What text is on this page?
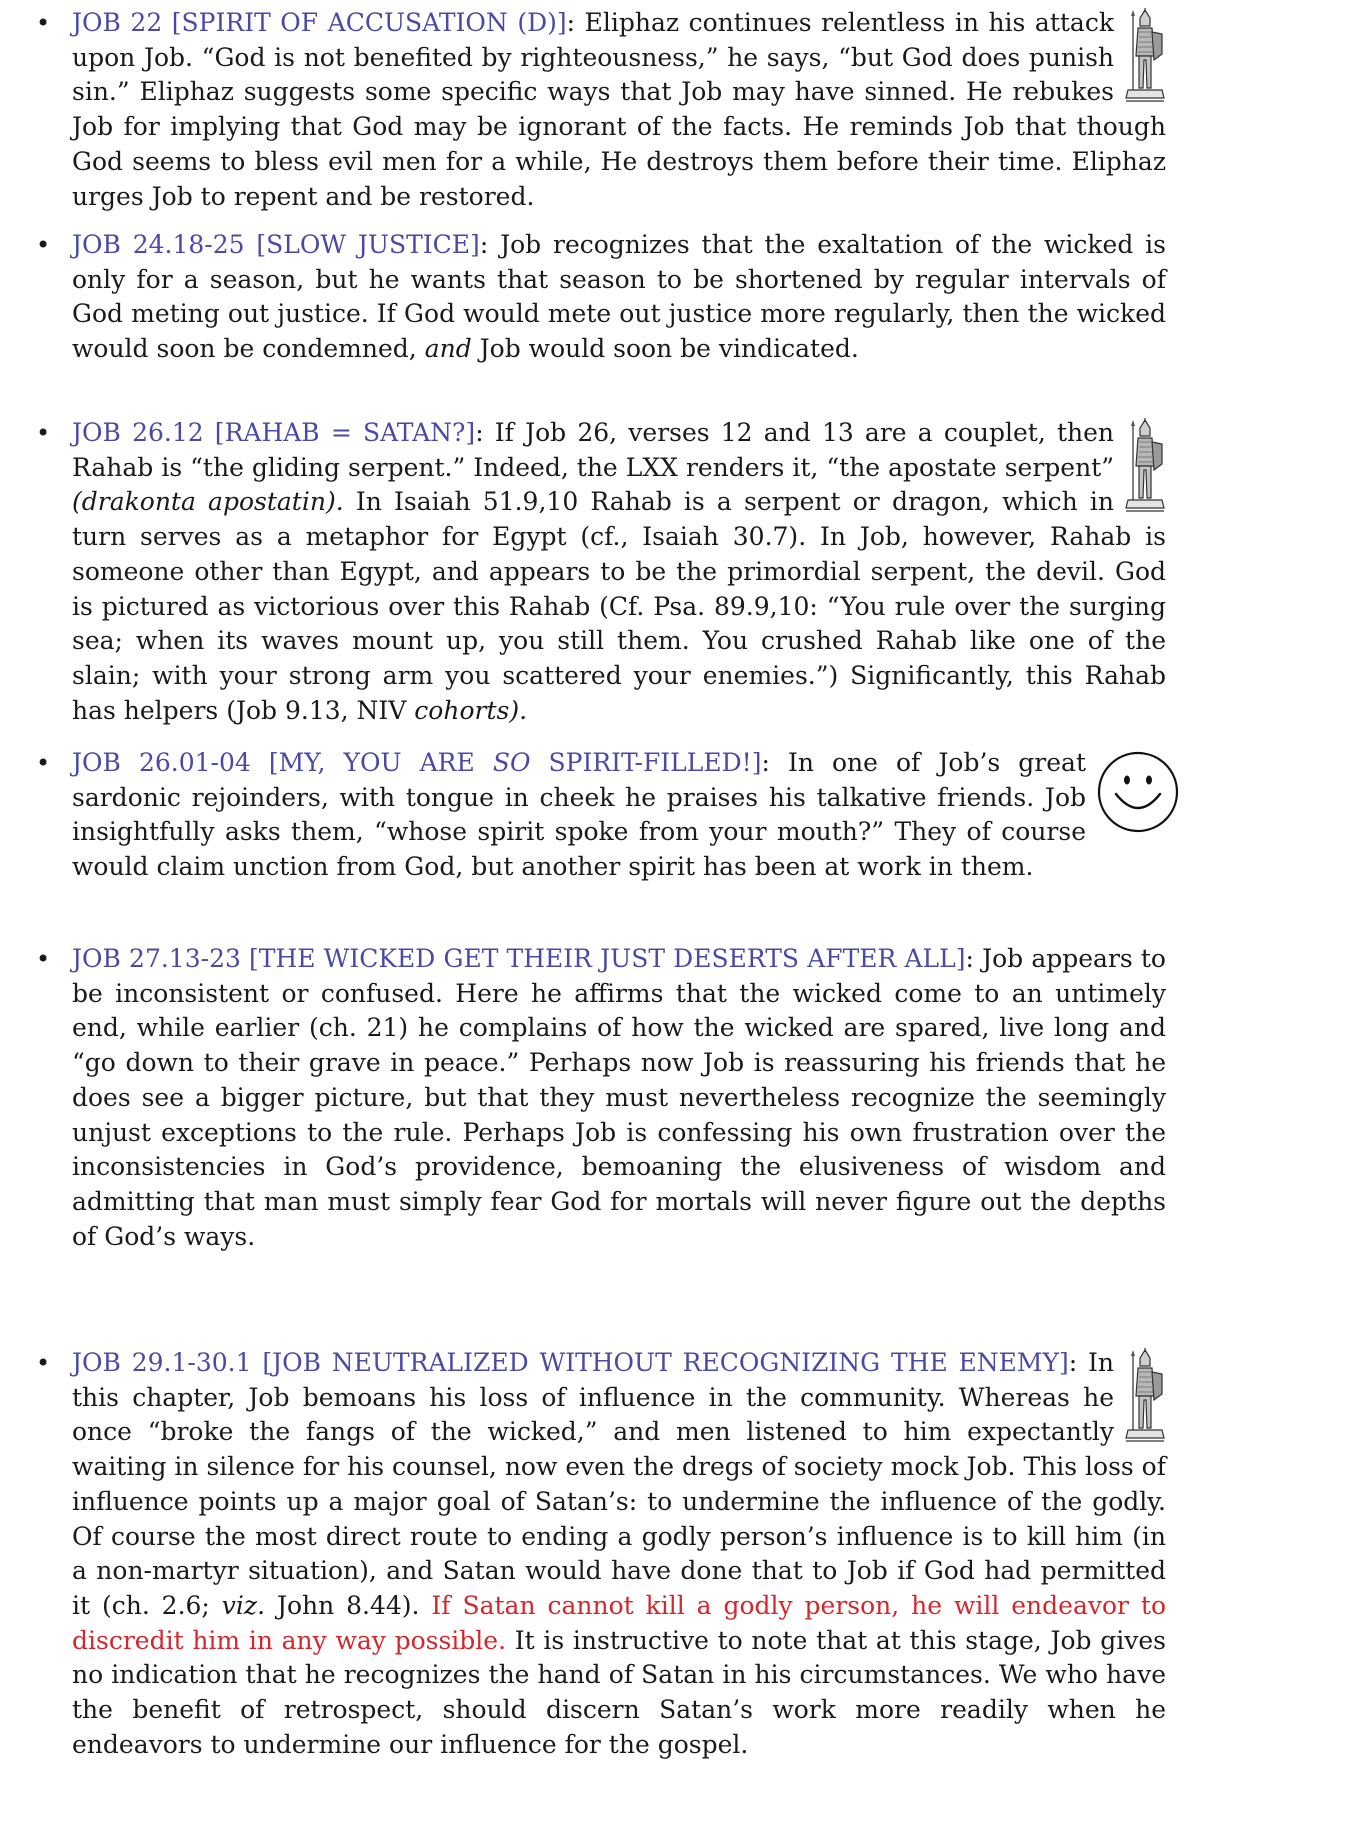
• JOB 22 [SPIRIT OF ACCUSATION (D)]: Eliphaz continues relentless in his attack upon Job. “God is not benefited by righteousness,” he says, “but God does punish sin.” Eliphaz suggests some specific ways that Job may have sinned. He rebukes Job for implying that God may be ignorant of the facts. He reminds Job that though God seems to bless evil men for a while, He destroys them before their time. Eliphaz urges Job to repent and be restored.
• JOB 24.18-25 [SLOW JUSTICE]: Job recognizes that the exaltation of the wicked is only for a season, but he wants that season to be shortened by regular intervals of God meting out justice. If God would mete out justice more regularly, then the wicked would soon be condemned, and Job would soon be vindicated.
• JOB 26.12 [RAHAB = SATAN?]: If Job 26, verses 12 and 13 are a couplet, then Rahab is “the gliding serpent.” Indeed, the LXX renders it, “the apostate serpent” (drakonta apostatin). In Isaiah 51.9,10 Rahab is a serpent or dragon, which in turn serves as a metaphor for Egypt (cf., Isaiah 30.7). In Job, however, Rahab is someone other than Egypt, and appears to be the primordial serpent, the devil. God is pictured as victorious over this Rahab (Cf. Psa. 89.9,10: “You rule over the surging sea; when its waves mount up, you still them. You crushed Rahab like one of the slain; with your strong arm you scattered your enemies.”) Significantly, this Rahab has helpers (Job 9.13, NIV cohorts).
• JOB 26.01-04 [MY, YOU ARE SO SPIRIT-FILLED!]: In one of Job’s great sardonic rejoinders, with tongue in cheek he praises his talkative friends. Job insightfully asks them, “whose spirit spoke from your mouth?” They of course would claim unction from God, but another spirit has been at work in them.
• JOB 27.13-23 [THE WICKED GET THEIR JUST DESERTS AFTER ALL]: Job appears to be inconsistent or confused. Here he affirms that the wicked come to an untimely end, while earlier (ch. 21) he complains of how the wicked are spared, live long and “go down to their grave in peace.” Perhaps now Job is reassuring his friends that he does see a bigger picture, but that they must nevertheless recognize the seemingly unjust exceptions to the rule. Perhaps Job is confessing his own frustration over the inconsistencies in God’s providence, bemoaning the elusiveness of wisdom and admitting that man must simply fear God for mortals will never figure out the depths of God’s ways.
• JOB 29.1-30.1 [JOB NEUTRALIZED WITHOUT RECOGNIZING THE ENEMY]: In this chapter, Job bemoans his loss of influence in the community. Whereas he once “broke the fangs of the wicked,” and men listened to him expectantly waiting in silence for his counsel, now even the dregs of society mock Job. This loss of influence points up a major goal of Satan’s: to undermine the influence of the godly. Of course the most direct route to ending a godly person’s influence is to kill him (in a non-martyr situation), and Satan would have done that to Job if God had permitted it (ch. 2.6; viz. John 8.44). If Satan cannot kill a godly person, he will endeavor to discredit him in any way possible. It is instructive to note that at this stage, Job gives no indication that he recognizes the hand of Satan in his circumstances. We who have the benefit of retrospect, should discern Satan’s work more readily when he endeavors to undermine our influence for the gospel.
